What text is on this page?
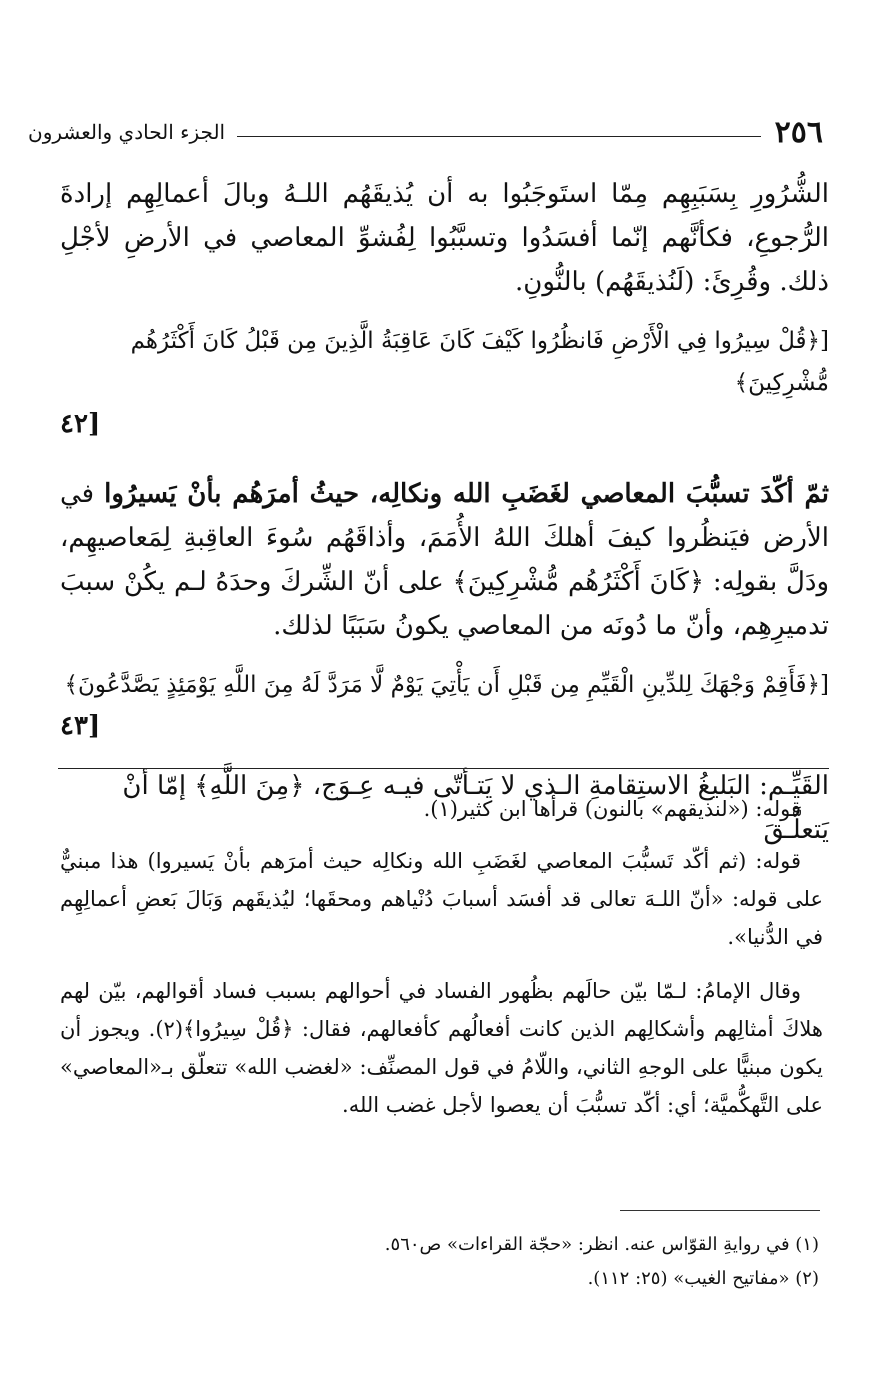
٢٥٦
الجزء الحادي والعشرون

الشُّرُورِ بِسَبَبِهِم مِمّا استَوجَبُوا به أن يُذيقَهُم اللـهُ وبالَ أعمالِهِم إرادةَ الرُّجوعِ، فكأنَّهم إنّما أفسَدُوا وتسبَّبُوا لِفُشوِّ المعاصي في الأرضِ لأجْلِ ذلك. وقُرِئَ: (لَنُذيقَهُم) بالنُّونِ.

[﴿قُلْ سِيرُوا فِي الْأَرْضِ فَانظُرُوا كَيْفَ كَانَ عَاقِبَةُ الَّذِينَ مِن قَبْلُ كَانَ أَكْثَرُهُم مُّشْرِكِينَ﴾
[٤٢

ثمّ أكّدَ تسبُّبَ المعاصي لغَضَبِ الله ونكالِه، حيثُ أمرَهُم بأنْ يَسيرُوا في الأرض فيَنظُروا كيفَ أهلكَ اللهُ الأُمَمَ، وأذاقَهُم سُوءَ العاقِبةِ لِمَعاصيهِم، ودَلَّ بقولِه: ﴿كَانَ أَكْثَرُهُم مُّشْرِكِينَ﴾ على أنّ الشِّركَ وحدَهُ لـم يكُنْ سببَ تدميرِهِم، وأنّ ما دُونَه من المعاصي يكونُ سَبَبًا لذلك.

[﴿فَأَقِمْ وَجْهَكَ لِلدِّينِ الْقَيِّمِ مِن قَبْلِ أَن يَأْتِيَ يَوْمٌ لَّا مَرَدَّ لَهُ مِنَ اللَّهِ يَوْمَئِذٍ يَصَّدَّعُونَ﴾
[٤٣
القَيِّـم: البَليغُ الاستِقامةِ الـذي لا يَتـأتّى فيـه عِـوَج، ﴿مِنَ اللَّهِ﴾ إمّا أنْ يَتعلَّـقَ

قوله: («لنذيقهم» بالنون) قرأها ابن كثير(١).

قوله: (ثم أكّد تَسبُّبَ المعاصي لغَضَبِ الله ونكالِه حيث أمرَهم بأنْ يَسيروا) هذا مبنيٌّ على قوله: «أنّ اللـهَ تعالى قد أفسَد أسبابَ دُنْياهم ومحقَها؛ ليُذيقَهم وَبَالَ بَعضِ أعمالِهِم في الدُّنيا».

وقال الإمامُ: لـمّا بيّن حالَهم بظُهور الفساد في أحوالهم بسبب فساد أقوالهم، بيّن لهم هلاكَ أمثالِهم وأشكالِهم الذين كانت أفعالُهم كأفعالهم، فقال: ﴿قُلْ سِيرُوا﴾(٢). ويجوز أن يكون مبنيًّا على الوجهِ الثاني، واللّامُ في قول المصنِّف: «لغضب الله» تتعلّق بـ«المعاصي» على التَّهكُّميَّة؛ أي: أكّد تسبُّبَ أن يعصوا لأجل غضب الله.

(١) في روايةِ القوّاس عنه. انظر: «حجّة القراءات» ص٥٦٠.

(٢) «مفاتيح الغيب» (٢٥: ١١٢).
